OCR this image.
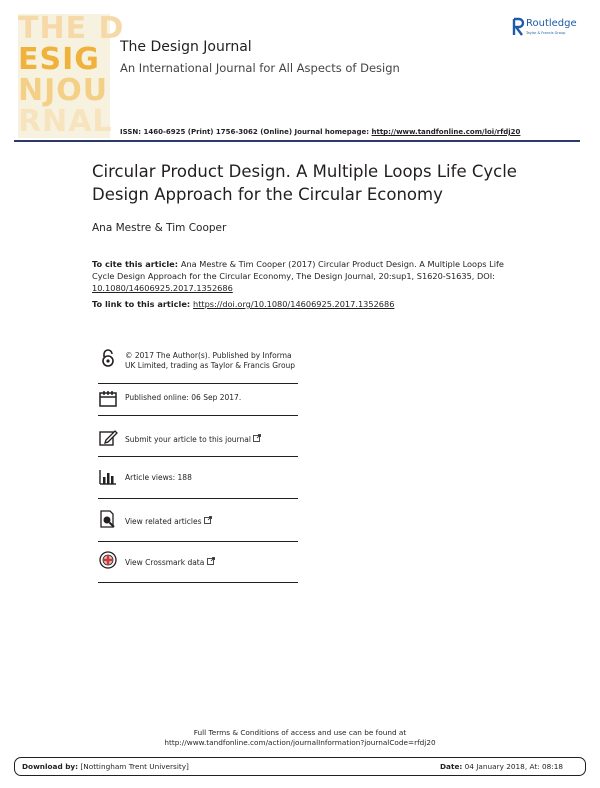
THE D
ESIG
NJOU
RNAL
The Design Journal
An International Journal for All Aspects of Design
Routledge
Taylor & Francis Group
ISSN: 1460-6925 (Print) 1756-3062 (Online) Journal homepage: http://www.tandfonline.com/loi/rfdj20
Circular Product Design. A Multiple Loops Life Cycle Design Approach for the Circular Economy
Ana Mestre & Tim Cooper
To cite this article: Ana Mestre & Tim Cooper (2017) Circular Product Design. A Multiple Loops Life Cycle Design Approach for the Circular Economy, The Design Journal, 20:sup1, S1620-S1635, DOI: 10.1080/14606925.2017.1352686
To link to this article: https://doi.org/10.1080/14606925.2017.1352686
© 2017 The Author(s). Published by Informa UK Limited, trading as Taylor & Francis Group
Published online: 06 Sep 2017.
Submit your article to this journal
Article views: 188
View related articles
View Crossmark data
Full Terms & Conditions of access and use can be found at
http://www.tandfonline.com/action/journalInformation?journalCode=rfdj20
Download by: [Nottingham Trent University]	Date: 04 January 2018, At: 08:18
